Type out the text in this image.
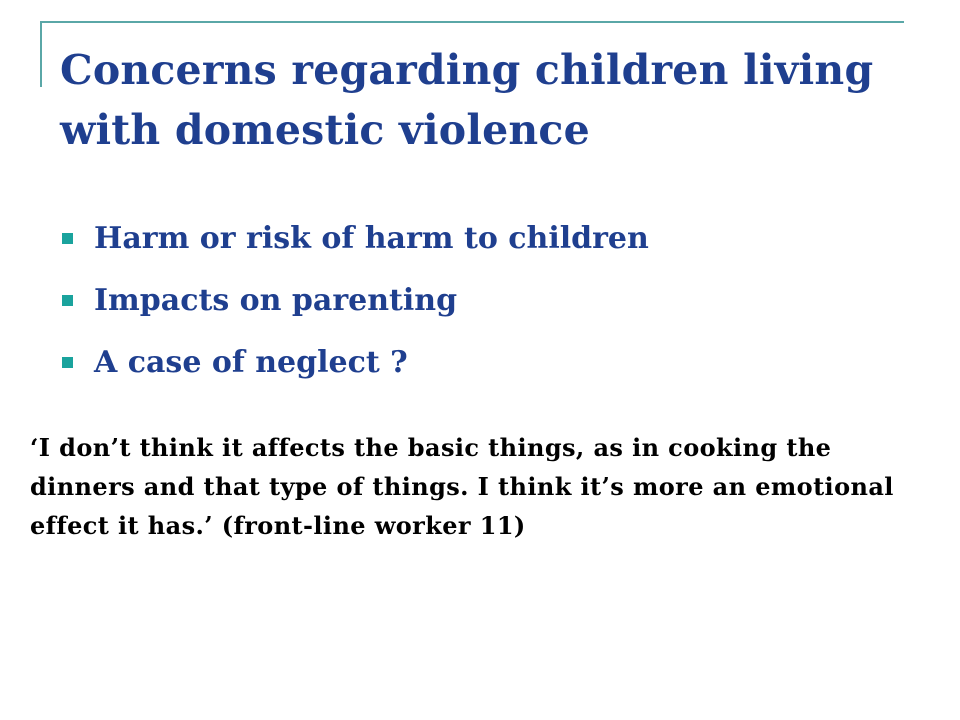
Concerns regarding children living with domestic violence
Harm or risk of harm to children
Impacts on parenting
A case of neglect ?

‘I don’t think it affects the basic things, as in cooking the dinners and that type of things. I think it’s more an emotional effect it has.’ (front-line worker 11)
